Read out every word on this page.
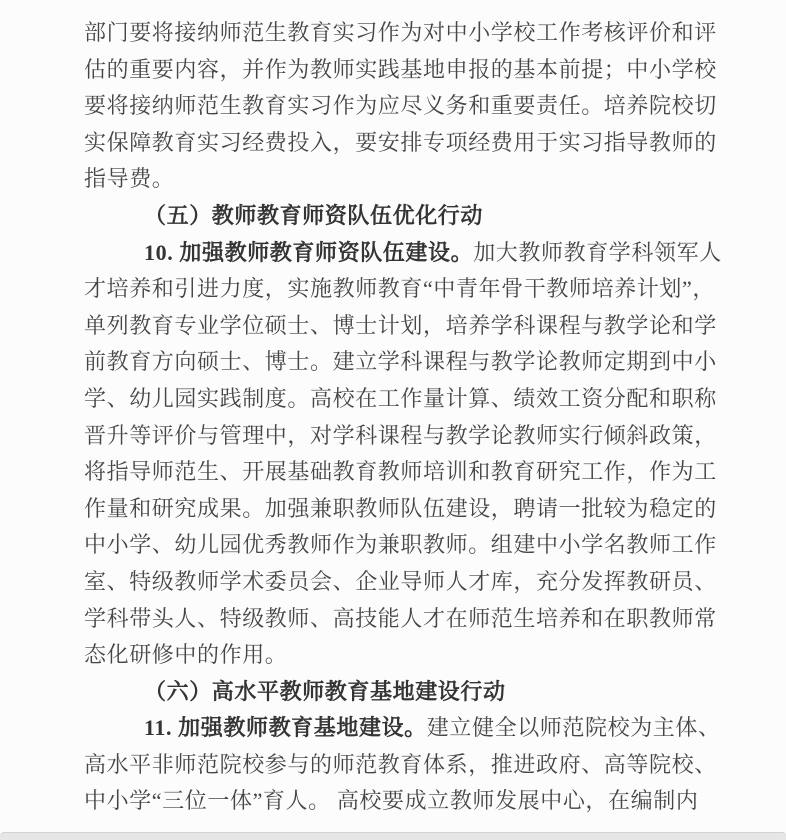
部门要将接纳师范生教育实习作为对中小学校工作考核评价和评
估的重要内容，并作为教师实践基地申报的基本前提；中小学校
要将接纳师范生教育实习作为应尽义务和重要责任。培养院校切
实保障教育实习经费投入，要安排专项经费用于实习指导教师的
指导费。
（五）教师教育师资队伍优化行动
10. 加强教师教育师资队伍建设。加大教师教育学科领军人
才培养和引进力度，实施教师教育“中青年骨干教师培养计划”，
单列教育专业学位硕士、博士计划，培养学科课程与教学论和学
前教育方向硕士、博士。建立学科课程与教学论教师定期到中小
学、幼儿园实践制度。高校在工作量计算、绩效工资分配和职称
晋升等评价与管理中，对学科课程与教学论教师实行倾斜政策，
将指导师范生、开展基础教育教师培训和教育研究工作，作为工
作量和研究成果。加强兼职教师队伍建设，聘请一批较为稳定的
中小学、幼儿园优秀教师作为兼职教师。组建中小学名教师工作
室、特级教师学术委员会、企业导师人才库，充分发挥教研员、
学科带头人、特级教师、高技能人才在师范生培养和在职教师常
态化研修中的作用。
（六）高水平教师教育基地建设行动
11. 加强教师教育基地建设。建立健全以师范院校为主体、
高水平非师范院校参与的师范教育体系，推进政府、高等院校、
中小学“三位一体”育人。 高校要成立教师发展中心，在编制内
